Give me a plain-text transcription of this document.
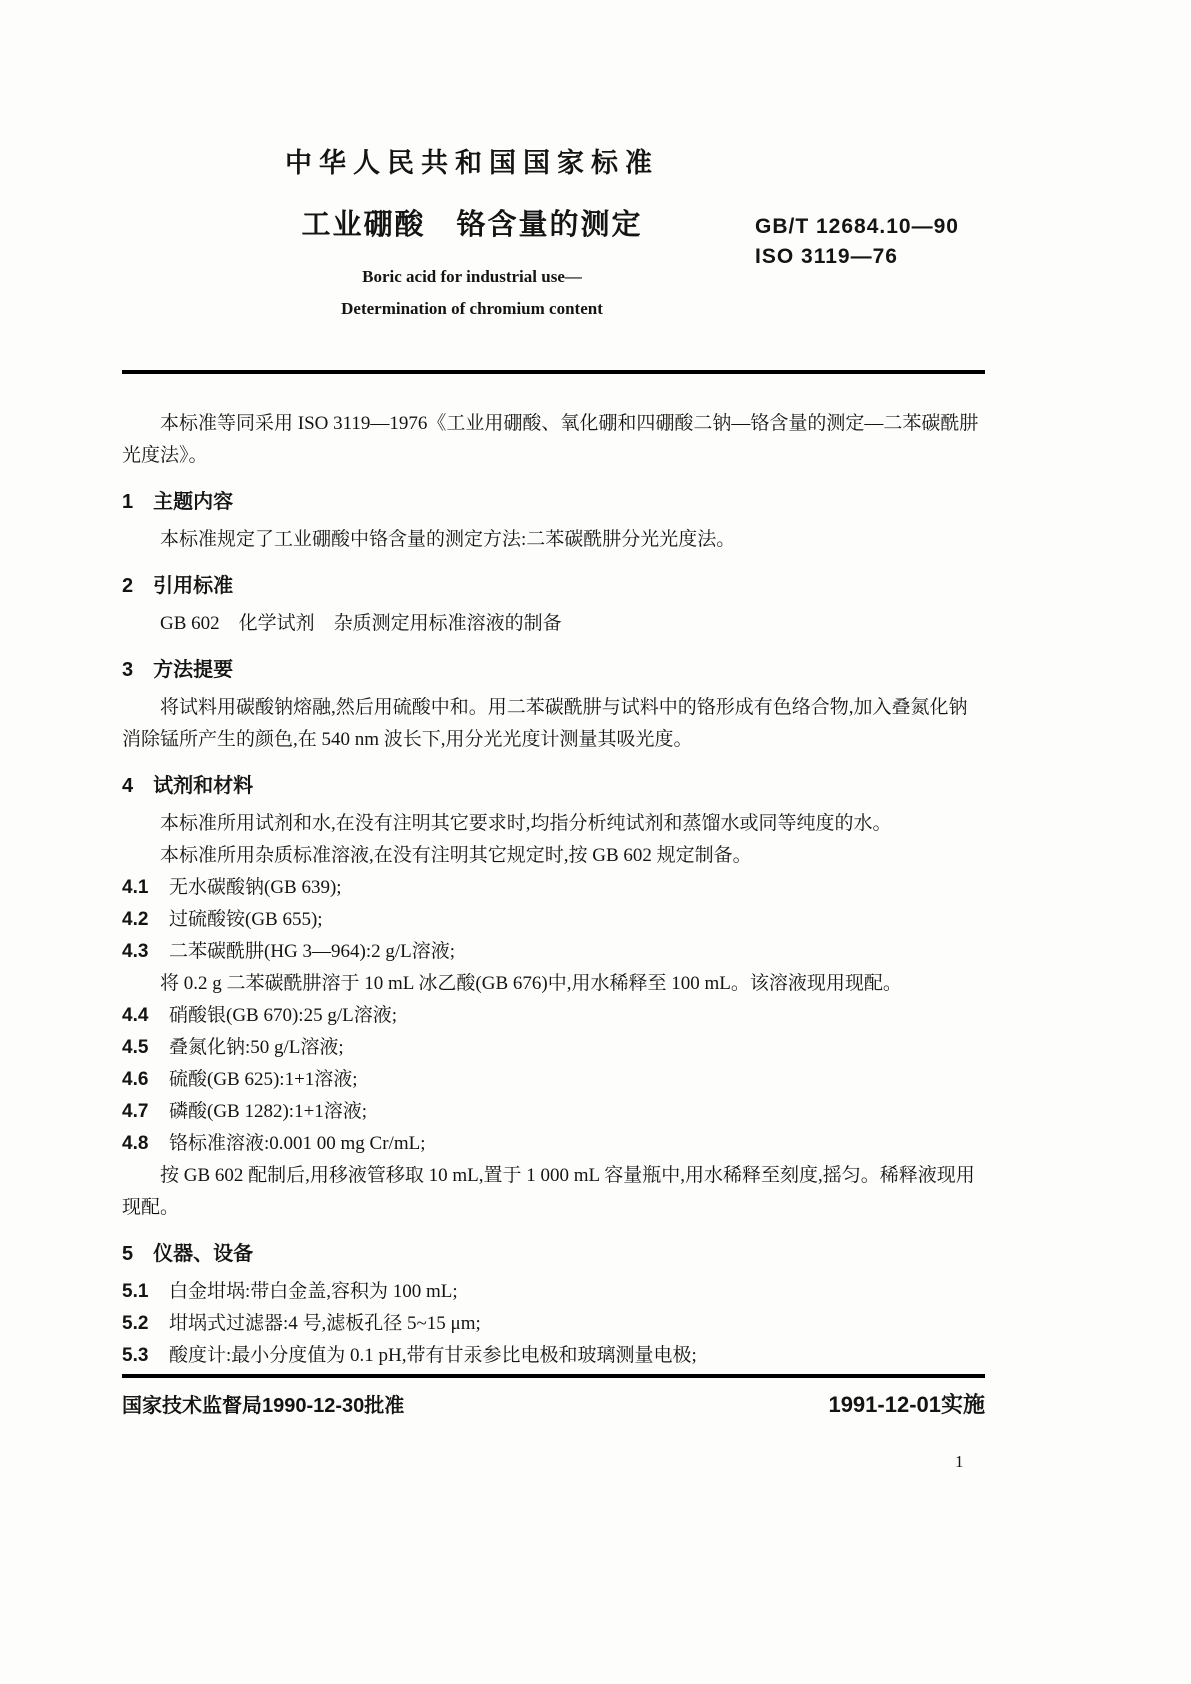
中华人民共和国国家标准
工业硼酸　铬含量的测定
Boric acid for industrial use—
Determination of chromium content
GB/T 12684.10—90
ISO 3119—76

本标准等同采用 ISO 3119—1976《工业用硼酸、氧化硼和四硼酸二钠—铬含量的测定—二苯碳酰肼光度法》。

1　主题内容

本标准规定了工业硼酸中铬含量的测定方法:二苯碳酰肼分光光度法。

2　引用标准

GB 602　化学试剂　杂质测定用标准溶液的制备

3　方法提要

将试料用碳酸钠熔融,然后用硫酸中和。用二苯碳酰肼与试料中的铬形成有色络合物,加入叠氮化钠消除锰所产生的颜色,在 540 nm 波长下,用分光光度计测量其吸光度。

4　试剂和材料

本标准所用试剂和水,在没有注明其它要求时,均指分析纯试剂和蒸馏水或同等纯度的水。

本标准所用杂质标准溶液,在没有注明其它规定时,按 GB 602 规定制备。

4.1	无水碳酸钠(GB 639);
4.2	过硫酸铵(GB 655);
4.3	二苯碳酰肼(HG 3—964):2 g/L溶液;

将 0.2 g 二苯碳酰肼溶于 10 mL 冰乙酸(GB 676)中,用水稀释至 100 mL。该溶液现用现配。

4.4	硝酸银(GB 670):25 g/L溶液;
4.5	叠氮化钠:50 g/L溶液;
4.6	硫酸(GB 625):1+1溶液;
4.7	磷酸(GB 1282):1+1溶液;
4.8	铬标准溶液:0.001 00 mg Cr/mL;

按 GB 602 配制后,用移液管移取 10 mL,置于 1 000 mL 容量瓶中,用水稀释至刻度,摇匀。稀释液现用现配。

5　仪器、设备
5.1	白金坩埚:带白金盖,容积为 100 mL;
5.2	坩埚式过滤器:4 号,滤板孔径 5~15 μm;
5.3	酸度计:最小分度值为 0.1 pH,带有甘汞参比电极和玻璃测量电极;
国家技术监督局1990-12-30批准	1991-12-01实施
1
